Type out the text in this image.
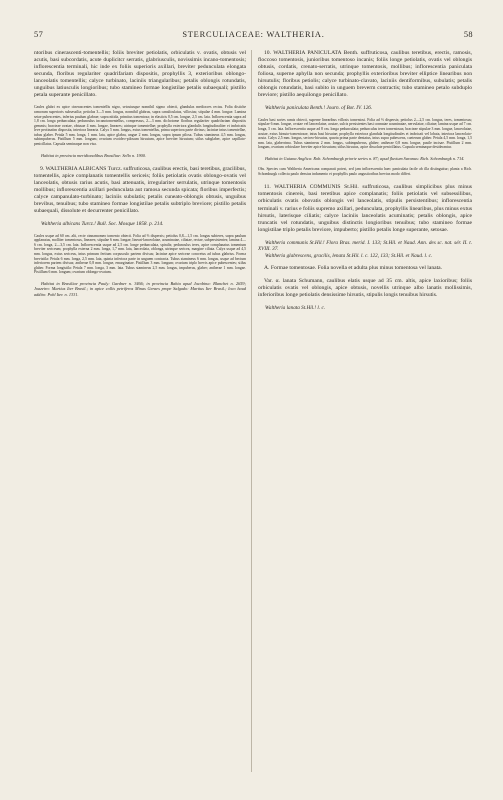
57	STERCULIACEAE: WALTHERIA.	58

ntoribus cinerascenti-tomentellis; foliis breviter petiolatis, orbiculatis v. ovatis, obtusis vel acutis, basi subcordatis, acute duplicitcr serratis, glabriusculis, novissimis incano-tomentosis; inflorescentia terminali, hic inde ex foliis superioris axillari, breviter pedunculata elongata secunda, floribus regulariter quadrifariam dispositis, prophyllis 3, exterioribus oblongo-lanceolatis tomentellis; calyce turbinato, laciniis triangularibus; petalis oblongis rotundatis, unguibus latiusculis longioribus; tubo stamineo formae longistilae petalis subaequali; pistillo petala superante penicillato.

Caules glabri ex apice cinerascentes tomentellis nigro, setosiusque nonnihil sigmo obtecti, glandulas mediocres rectas. Folia distiche ramorum superioris subsessilia; petiolus 3—5 mm. longus, nonnihil glabrus, supra canaliculatus, villosius; stipulae 4 mm. longae. Lamina setae pubescentes, inferius paulum glabrae; supra nitida, primitus tomentosa; in elasticis 0,5 cm. longae, 2,5 cm. lata. Inflorescentia supra ad 1,8 cm. longa pedunculata; pedunculus incanotomentellus, compressus, 2—3 mm. dichotome floribus regulariter quadrifariam dispositis gemmis; bracteae ovatae, obtusae 4 mm. longae, lineares; utrinque tomentellae; prophylla exteriora glandulis longitudinaliter et imbricatis leve pectinatim disposita, interiora linearia. Calyx 5 mm. longus, extus tomentellus, prima superiora parte divisus; laciniae intus tomentellae, tubus glaber. Petala 5 mm. longa, 1 mm. lata, apice glabra, ungue 2 mm. longus, supra ipsum pilosa. Tubus stamineus 4,5 mm. longus, subimpuberus. Pistillum 5 mm. longum; ovarium ovoideo-pilosum hirsutum, apice breviter hirsutum; stilus subglaber, apice capillato-penicillatus. Capsula seminaque non visa.

Habitat in provincia meridionalibus Brasiliae: Sello n. 1900.

9. WALTHERIA ALBICANS Turcz. suffruticosa, caulibus erectis, basi teretibus, gracilibus, tomentellis, apice complanatis tomentellis sericeis; foliis petiolatis ovatis oblongo-ovatis vel lanceolatis, obtusis rarius acutis, basi attenuatis, irregulariter serrulatis, utrinque tomentosis mollibus; inflorescentia axillari pedunculata aut ramosa secunda spicata; floribus imperfectis; calyce campanulato-turbinato; laciniis subulatis; petalis cuneato-oblongis obtusis, unguibus brevibus, tenuibus; tubo stamineo formae longistilae petalis subtriplo breviore; pistillo petalis subaequali, dissolute et decurrenter penicillato.

Waltheria albicans Turcz.! Bull. Soc. Mosque 1858. p. 214.

Caules usque ad 60 cm. alti, recte cinnamomeo tomento obtecti. Folia ad ⅔ dispersis; petiolus 0,8—1,5 cm. longus subteres, supra paulum applanatus, molliter tomentosus, lineares; stipulae 6 mm. longae, lineari-lanceolatae, acuminatae, ciliatae, rectae, subpersistentes; lamina 4—6 cm. longa, 2—3,5 cm. lata. Inflorescentia usque ad 2,5 cm. longe pedunculata, spiralis; pedunculus teres, apice complanatus tomentum breviter sericeum; prophylla externa 2 mm. longa, 1,7 mm. lata, lanceolata, oblonga, utrinque sericea, margine ciliata. Calyx usque ad 4,5 mm. longus, extus sericeus, intus primum fertium corpusculo partem divisus; laciniae apice sericeae concretus ad tubus glabrius. Forma brevistila: Petala 6 mm. longa, 2,5 mm. lata, quinta inferiora parte in unguem contracta. Tubus stamineus 6 mm. longus, usque ad bectum inferiorem partem divisus; antherae 0,8 mm. longae, emarginatae. Pistillum 3 mm. longum; ovarium triplo brevis apice pubescentes; stilus glaber. Forma longistila: Petala 7 mm. longa, 3 mm. lata. Tubus stamineus 2,5 mm. longus, impuberus, glaber; antherae 1 mm. longae. Pistillum 6 mm. longum; ovarium oblongo-ovatum.

Habitat in Brasiliae provincia Pauly: Gardner n. 3466; in provincia Bahia apud Jacobina: Blanchet n. 2659; Joazeiro: Martius Iter Brasil.; in apice collis petriferos Minas Geraes prope Salgado: Martius Iter Brasil.; loco haud addito: Pohl Iter. n. 1331.

10. WALTHERIA PANICULATA Benth. suffruticosa, caulibus teretibus, erectis, ramosis, floccoso tomentosis, junioribus tomentoso incanis; foliis longe petiolatis, ovatis vel oblongis obtusis, cordatis, crenato-serratis, utrinque tomentosis, mollibus; inflorescentia paniculata foliosa, superne aphylla non secunda; prophyllis exterioribus breviter elliptice linearibus non hirsutulis; floribus petiolis; calyce turbinato-clavato, laciniis dentiformibus, subulatis; petalis oblongis rotundatis, basi subito in unguem breverm contractis; tubo stamineo petalo subduplo breviore; pistillo aequilongo penicillato.

Waltheria paniculata Benth.! Journ. of Bot. IV. 126.

Caules basi sortes ramis obtecti, superne linearibus villosis tomentosi. Folia ad ⅔ dispersis; petiolus 2—2,5 cm. longus, teres, tomentosus; stipulae 6 mm. longae, ovatae vel lanceolatae, acutae, sulcis persistentes basi connatae acuminatae, nervulatae, ciliatae; lamina usque ad 7 cm. longa, 5 cm. lata. Inflorescentia usque ad 8 cm. longa pedunculata; pedunculus teres tomentosus; bracteae stipulae 3 mm. longae, lanceolatae, acutae, extus hirsuto-tomentosae, intus basi hirsutae; prophylla exteriora glandula longitudinales et imbricati vel lobata, interiora lanceolato-acuta. Calyx 2,5 mm. longus, sericeo-hirsutus, quarta prima parte dentatus, intus supra pubescens, caeterum glaber. Petala 4,5 mm. longa, 1,5 mm. lata, glaberrima. Tubus stamineus 2 mm. longus, subimpuberus, glaber; antherae 0,8 mm. longae, pusile incisae. Pistillum 2 mm. longum, ovarium orbiculare breviter apice hirsutum; stilus hirsutus, apice dissolute penicillatus. Capsula seminaque desiderantur.

Habitat in Guiana Anglica: Rob. Schomburgk priorie series n. 87; apud fluvium Saranus: Rich. Schomburgk n. 714.

Obs. Species cum Waltheria Americana comparati potest, sed jam inflorescentia haec paniculata facile ab illa distinguitur; planta a Rich. Schomburgk collecta paulo densius indumento et prophyllis paulo angustioribus brevius modo differt.

11. WALTHERIA COMMUNIS St.Hil. suffruticosa, caulibus simplicibus plus minus tomentosis cinereis, basi teretibus apice complanatis; foliis petiolatis vel subsessilibus, orbiculatis ovatis obovatis oblongis vel lanceolatis, stipulis persistentibus; inflorescentia terminali v. rarius e foliis supremo axillari, pedunculata, prophyllis linearibus, plus minus extus hirsutis, laterisque ciliatis; calyce laciniis lanceolatis acuminatis; petalis oblongis, apice truncatis vel rotundatis, unguibus distinctis longioribus tenuibus; tubo stamineo formae longistilae triplo petalis breviore, impuberto; pistillo petalis longe superante, setosae.

Waltheria communis St.Hil.! Flora Bras. merid. I. 133; St.Hil. et Naud. Ann. des sc. nat. sér. II. t. XVIII. 37.

Waltheria glabrescens, gracilis, lenata St.Hil. l. c. 122, 133; St.Hil. et Naud. l. c.

A. Formae tomentosae. Folia novella et adulta plus minus tomentosa vel lanata.

Var. α. lanata Schumann, caulibus elatis usque ad 35 cm. altis, apice laxioribus; foliis orbiculatis ovatis vel oblongis, apice obtusis, novellis utrinque albo lanatis mollissimis, inferioribus longe petiolatis densissime hirsutis, stipulis longis tenuibus hirsutis.

Waltheria lanata St.Hil.! l. c.
